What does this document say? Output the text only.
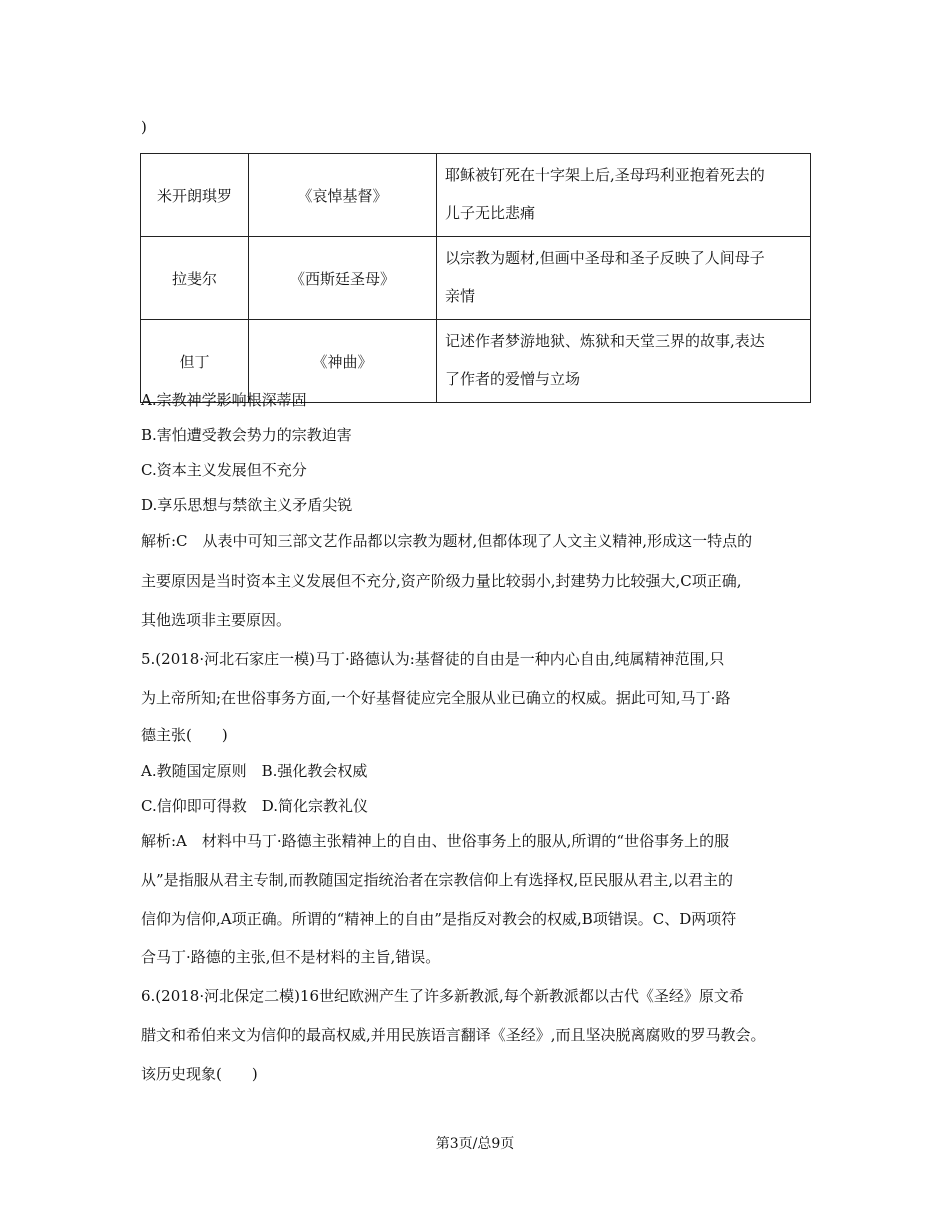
)
米开朗琪罗	《哀悼基督》	耶稣被钉死在十字架上后,圣母玛利亚抱着死去的
儿子无比悲痛
拉斐尔	《西斯廷圣母》	以宗教为题材,但画中圣母和圣子反映了人间母子
亲情
但丁	《神曲》	记述作者梦游地狱、炼狱和天堂三界的故事,表达
了作者的爱憎与立场
A.宗教神学影响根深蒂固
B.害怕遭受教会势力的宗教迫害
C.资本主义发展但不充分
D.享乐思想与禁欲主义矛盾尖锐
解析:C　从表中可知三部文艺作品都以宗教为题材,但都体现了人文主义精神,形成这一特点的
主要原因是当时资本主义发展但不充分,资产阶级力量比较弱小,封建势力比较强大,C项正确,
其他选项非主要原因。
5.(2018·河北石家庄一模)马丁·路德认为:基督徒的自由是一种内心自由,纯属精神范围,只
为上帝所知;在世俗事务方面,一个好基督徒应完全服从业已确立的权威。据此可知,马丁·路
德主张(　　)
A.教随国定原则　B.强化教会权威
C.信仰即可得救　D.简化宗教礼仪
解析:A　材料中马丁·路德主张精神上的自由、世俗事务上的服从,所谓的“世俗事务上的服
从”是指服从君主专制,而教随国定指统治者在宗教信仰上有选择权,臣民服从君主,以君主的
信仰为信仰,A项正确。所谓的“精神上的自由”是指反对教会的权威,B项错误。C、D两项符
合马丁·路德的主张,但不是材料的主旨,错误。
6.(2018·河北保定二模)16世纪欧洲产生了许多新教派,每个新教派都以古代《圣经》原文希
腊文和希伯来文为信仰的最高权威,并用民族语言翻译《圣经》,而且坚决脱离腐败的罗马教会。
该历史现象(　　)
第3页/总9页
